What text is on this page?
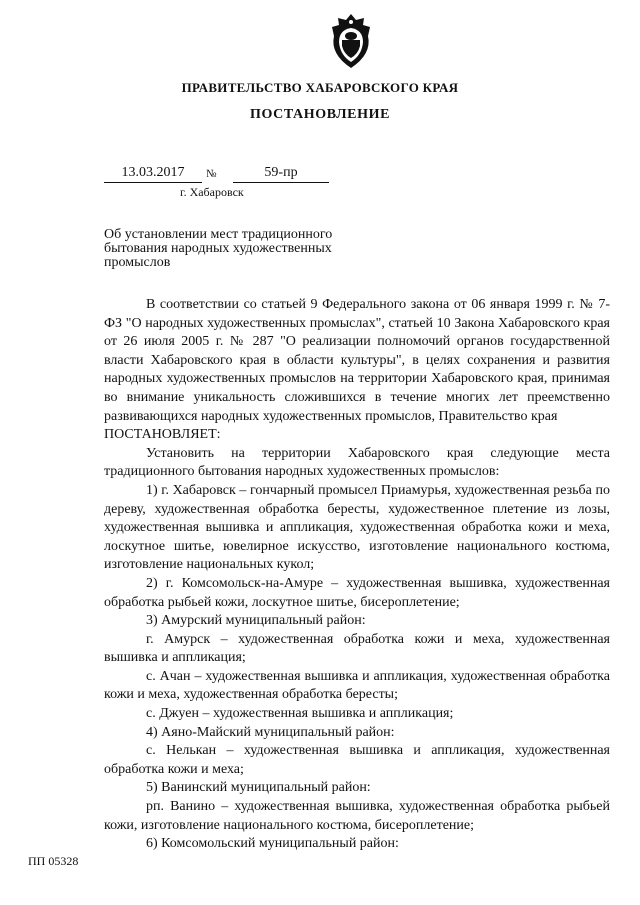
ПРАВИТЕЛЬСТВО ХАБАРОВСКОГО КРАЯ
ПОСТАНОВЛЕНИЕ
13.03.2017	№	59-пр
г. Хабаровск
Об установлении мест традиционного
бытования народных художественных
промыслов

В соответствии со статьей 9 Федерального закона от 06 января 1999 г. № 7-ФЗ "О народных художественных промыслах", статьей 10 Закона Хабаровского края от 26 июля 2005 г. № 287 "О реализации полномочий органов государственной власти Хабаровского края в области культуры", в целях сохранения и развития народных художественных промыслов на территории Хабаровского края, принимая во внимание уникальность сложившихся в течение многих лет преемственно развивающихся народных художественных промыслов, Правительство края

ПОСТАНОВЛЯЕТ:

Установить на территории Хабаровского края следующие места традиционного бытования народных художественных промыслов:

1) г. Хабаровск – гончарный промысел Приамурья, художественная резьба по дереву, художественная обработка бересты, художественное плетение из лозы, художественная вышивка и аппликация, художественная обработка кожи и меха, лоскутное шитье, ювелирное искусство, изготовление национального костюма, изготовление национальных кукол;

2) г. Комсомольск-на-Амуре – художественная вышивка, художественная обработка рыбьей кожи, лоскутное шитье, бисероплетение;

3) Амурский муниципальный район:

г. Амурск – художественная обработка кожи и меха, художественная вышивка и аппликация;

с. Ачан – художественная вышивка и аппликация, художественная обработка кожи и меха, художественная обработка бересты;

с. Джуен – художественная вышивка и аппликация;

4) Аяно-Майский муниципальный район:

с. Нелькан – художественная вышивка и аппликация, художественная обработка кожи и меха;

5) Ванинский муниципальный район:

рп. Ванино – художественная вышивка, художественная обработка рыбьей кожи, изготовление национального костюма, бисероплетение;

6) Комсомольский муниципальный район:

ПП 05328
